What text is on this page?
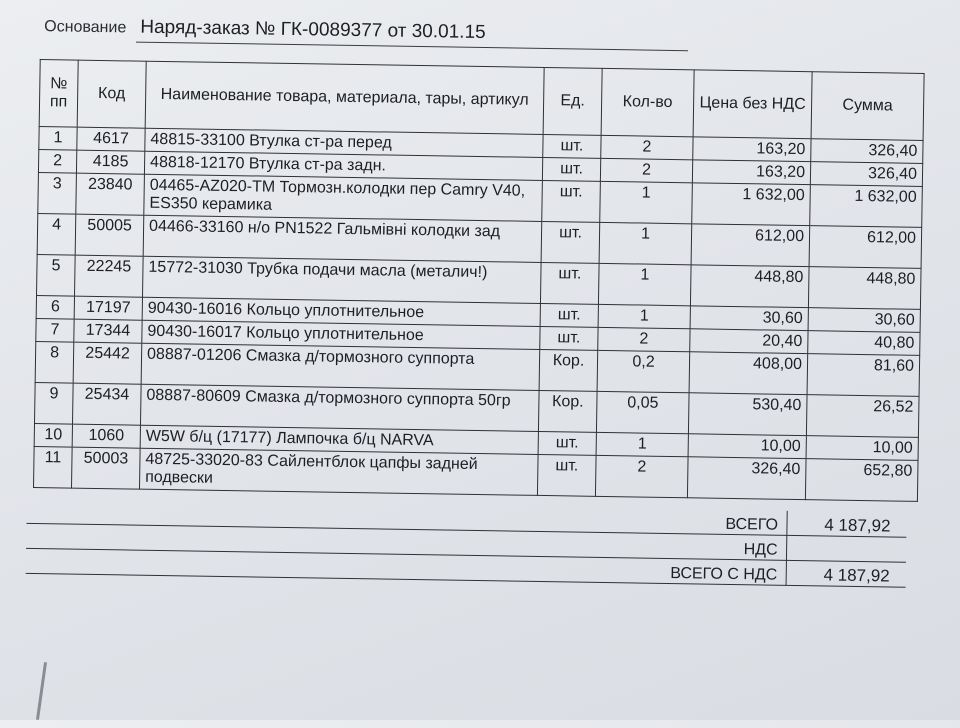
Основание Наряд-заказ № ГК-0089377 от 30.01.15
№ пп	Код	Наименование товара, материала, тары, артикул	Ед.	Кол-во	Цена без НДС	Сумма
1	4617	48815-33100 Втулка ст-ра перед	шт.	2	163,20	326,40
2	4185	48818-12170 Втулка ст-ра задн.	шт.	2	163,20	326,40
3	23840	04465-AZ020-TM Тормозн.колодки пер Camry V40, ES350 керамика	шт.	1	1 632,00	1 632,00
4	50005	04466-33160 н/о PN1522 Гальмівні колодки зад	шт.	1	612,00	612,00
5	22245	15772-31030 Трубка подачи масла (металич!)	шт.	1	448,80	448,80
6	17197	90430-16016 Кольцо уплотнительное	шт.	1	30,60	30,60
7	17344	90430-16017 Кольцо уплотнительное	шт.	2	20,40	40,80
8	25442	08887-01206 Смазка д/тормозного суппорта	Кор.	0,2	408,00	81,60
9	25434	08887-80609 Смазка д/тормозного суппорта 50гр	Кор.	0,05	530,40	26,52
10	1060	W5W б/ц (17177) Лампочка б/ц NARVA	шт.	1	10,00	10,00
11	50003	48725-33020-83 Сайлентблок цапфы задней подвески	шт.	2	326,40	652,80
	ВСЕГО	4 187,92
	НДС	
	ВСЕГО С НДС	4 187,92
